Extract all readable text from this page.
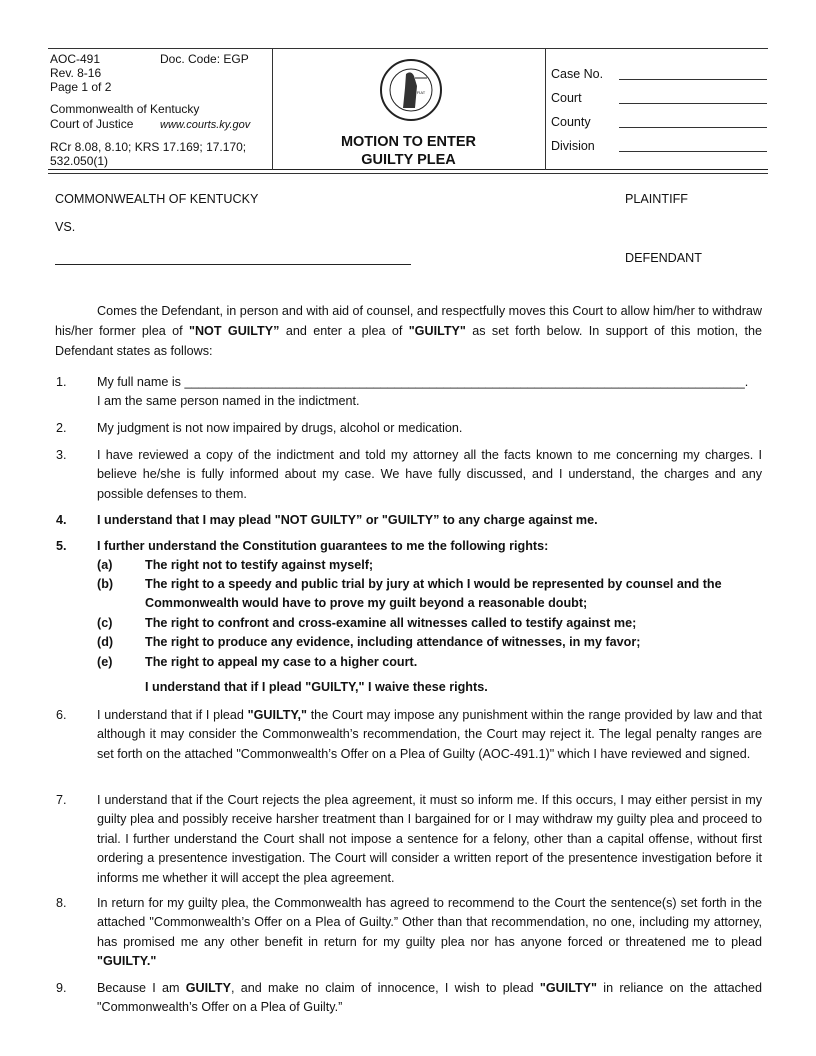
AOC-491	Doc. Code: EGP
Rev. 8-16
Page 1 of 2
Commonwealth of Kentucky
Court of Justice www.courts.ky.gov
RCr 8.08, 8.10; KRS 17.169; 17.170;
532.050(1)
FIAT
MOTION TO ENTER
GUILTY PLEA
Case No.
Court
County
Division
COMMONWEALTH OF KENTUCKY	PLAINTIFF
VS.
DEFENDANT
Comes the Defendant, in person and with aid of counsel, and respectfully moves this Court to allow him/her to withdraw his/her former plea of "NOT GUILTY” and enter a plea of "GUILTY" as set forth below. In support of this motion, the Defendant states as follows:
1. My full name is ________________________________________________________________________________.
I am the same person named in the indictment.
2. My judgment is not now impaired by drugs, alcohol or medication.
3. I have reviewed a copy of the indictment and told my attorney all the facts known to me concerning my charges. I believe he/she is fully informed about my case. We have fully discussed, and I understand, the charges and any possible defenses to them.
4. I understand that I may plead "NOT GUILTY” or "GUILTY” to any charge against me.
5. I further understand the Constitution guarantees to me the following rights:
6. I understand that if I plead "GUILTY," the Court may impose any punishment within the range provided by law and that although it may consider the Commonwealth’s recommendation, the Court may reject it. The legal penalty ranges are set forth on the attached "Commonwealth’s Offer on a Plea of Guilty (AOC-491.1)" which I have reviewed and signed.
7. I understand that if the Court rejects the plea agreement, it must so inform me. If this occurs, I may either persist in my guilty plea and possibly receive harsher treatment than I bargained for or I may withdraw my guilty plea and proceed to trial. I further understand the Court shall not impose a sentence for a felony, other than a capital offense, without first ordering a presentence investigation. The Court will consider a written report of the presentence investigation before it informs me whether it will accept the plea agreement.
8. In return for my guilty plea, the Commonwealth has agreed to recommend to the Court the sentence(s) set forth in the attached "Commonwealth’s Offer on a Plea of Guilty.” Other than that recommendation, no one, including my attorney, has promised me any other benefit in return for my guilty plea nor has anyone forced or threatened me to plead "GUILTY."
9. Because I am GUILTY, and make no claim of innocence, I wish to plead "GUILTY" in reliance on the attached "Commonwealth’s Offer on a Plea of Guilty.”
(a)	The right not to testify against myself;
(b)	The right to a speedy and public trial by jury at which I would be represented by counsel and the Commonwealth would have to prove my guilt beyond a reasonable doubt;
(c)	The right to confront and cross-examine all witnesses called to testify against me;
(d)	The right to produce any evidence, including attendance of witnesses, in my favor;
(e)	The right to appeal my case to a higher court.
I understand that if I plead "GUILTY," I waive these rights.
